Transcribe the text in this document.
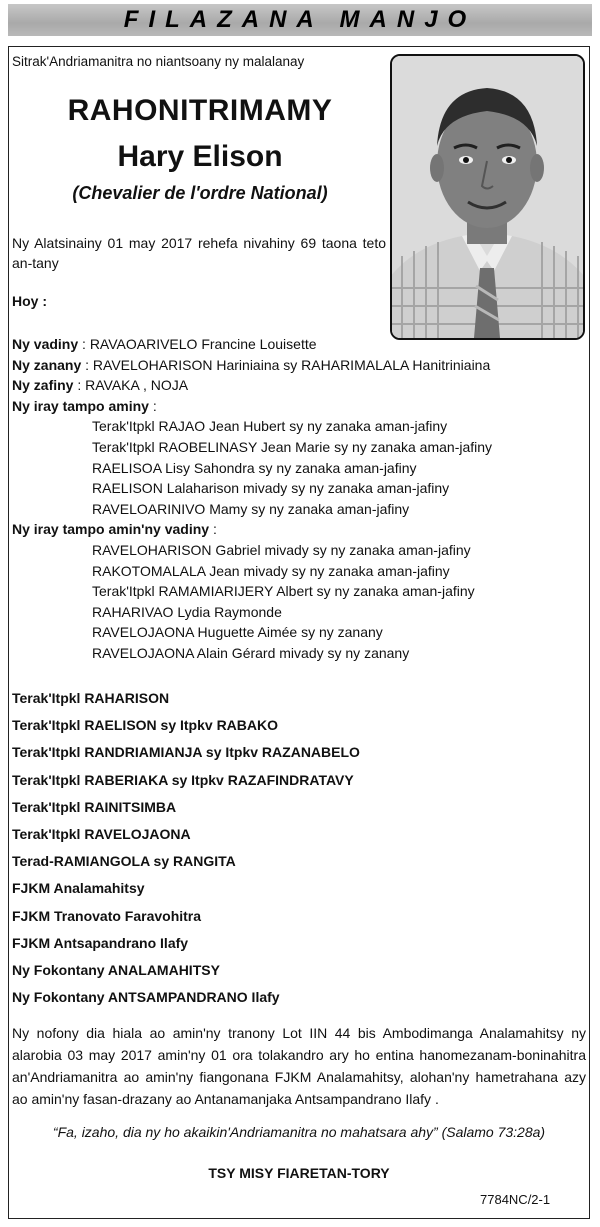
FILAZANA MANJO
Sitrak'Andriamanitra no niantsoany ny malalanay
RAHONITRIMAMY
Hary Elison
(Chevalier de l'ordre National)
Ny Alatsinainy 01 may 2017 rehefa nivahiny 69 taona teto an-tany
Hoy :
Ny vadiny : RAVAOARIVELO Francine Louisette
Ny zanany : RAVELOHARISON Hariniaina sy RAHARIMALALA Hanitriniaina
Ny zafiny : RAVAKA , NOJA
Ny iray tampo aminy :
Terak'Itpkl RAJAO Jean Hubert sy ny zanaka aman-jafiny
Terak'Itpkl RAOBELINASY Jean Marie sy ny zanaka aman-jafiny
RAELISOA Lisy Sahondra sy ny zanaka aman-jafiny
RAELISON Lalaharison mivady sy ny zanaka aman-jafiny
RAVELOARINIVO Mamy sy ny zanaka aman-jafiny
Ny iray tampo amin'ny vadiny :
RAVELOHARISON Gabriel mivady sy ny zanaka aman-jafiny
RAKOTOMALALA Jean mivady sy ny zanaka aman-jafiny
Terak'Itpkl RAMAMIARIJERY Albert sy ny zanaka aman-jafiny
RAHARIVAO Lydia Raymonde
RAVELOJAONA Huguette Aimée sy ny zanany
RAVELOJAONA Alain Gérard mivady sy ny zanany
Terak'Itpkl RAHARISON
Terak'Itpkl RAELISON sy Itpkv RABAKO
Terak'Itpkl RANDRIAMIANJA sy Itpkv RAZANABELO
Terak'Itpkl RABERIAKA sy Itpkv RAZAFINDRATAVY
Terak'Itpkl RAINITSIMBA
Terak'Itpkl RAVELOJAONA
Terad-RAMIANGOLA sy RANGITA
FJKM Analamahitsy
FJKM Tranovato Faravohitra
FJKM Antsapandrano Ilafy
Ny Fokontany ANALAMAHITSY
Ny Fokontany ANTSAMPANDRANO Ilafy
Ny nofony dia hiala ao amin'ny tranony Lot IIN 44 bis Ambodimanga Analamahitsy ny alarobia 03 may 2017 amin'ny 01 ora tolakandro ary ho entina hanomezanam-boninahitra an'Andriamanitra ao amin'ny fiangonana FJKM Analamahitsy, alohan'ny hametrahana azy ao amin'ny fasan-drazany ao Antanamanjaka Antsampandrano Ilafy .
“Fa, izaho, dia ny ho akaikin'Andriamanitra no mahatsara ahy” (Salamo 73:28a)
TSY MISY FIARETAN-TORY
7784NC/2-1
